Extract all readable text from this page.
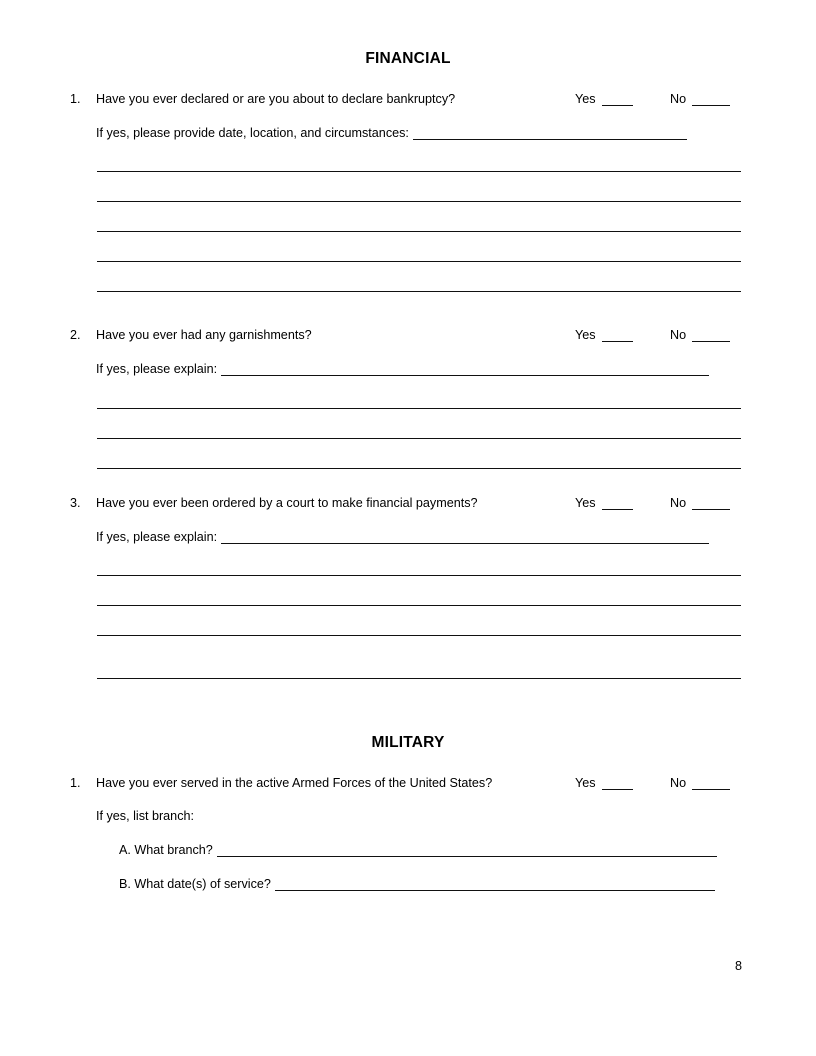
FINANCIAL
1.	Have you ever declared or are you about to declare bankruptcy?	Yes	No
If yes, please provide date, location, and circumstances:
2.	Have you ever had any garnishments?	Yes	No
If yes, please explain:
3.	Have you ever been ordered by a court to make financial payments?	Yes	No
If yes, please explain:
MILITARY
1.	Have you ever served in the active Armed Forces of the United States?	Yes	No
If yes, list branch:
A. What branch?
B. What date(s) of service?
8
